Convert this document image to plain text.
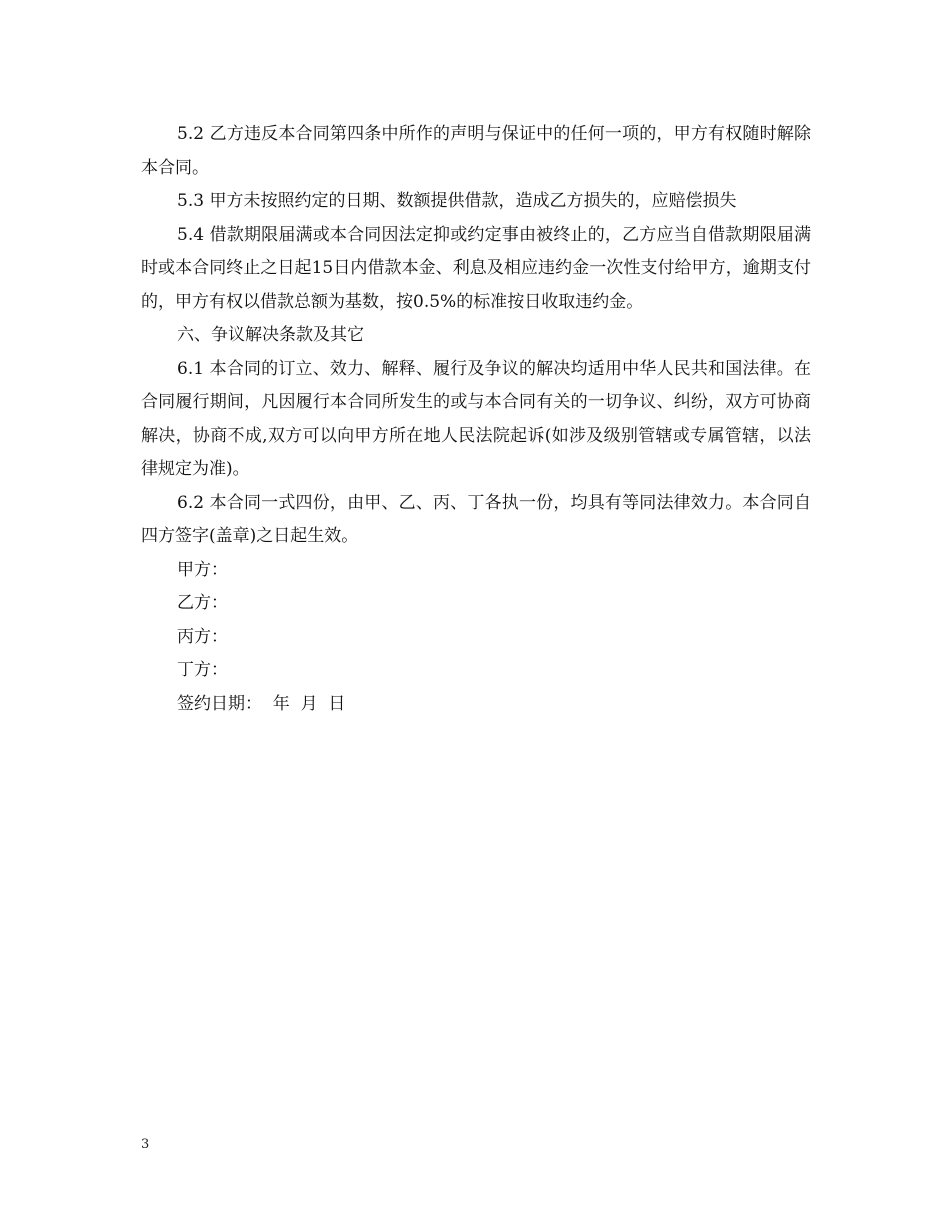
5.2 乙方违反本合同第四条中所作的声明与保证中的任何一项的，甲方有权随时解除本合同。

5.3 甲方未按照约定的日期、数额提供借款，造成乙方损失的，应赔偿损失

5.4 借款期限届满或本合同因法定抑或约定事由被终止的，乙方应当自借款期限届满时或本合同终止之日起15日内借款本金、利息及相应违约金一次性支付给甲方，逾期支付的，甲方有权以借款总额为基数，按0.5%的标准按日收取违约金。

六、争议解决条款及其它

6.1 本合同的订立、效力、解释、履行及争议的解决均适用中华人民共和国法律。在合同履行期间，凡因履行本合同所发生的或与本合同有关的一切争议、纠纷，双方可协商解决，协商不成,双方可以向甲方所在地人民法院起诉(如涉及级别管辖或专属管辖，以法律规定为准)。

6.2 本合同一式四份，由甲、乙、丙、丁各执一份，均具有等同法律效力。本合同自四方签字(盖章)之日起生效。

甲方：

乙方：

丙方：

丁方：

签约日期：  年  月  日

3
